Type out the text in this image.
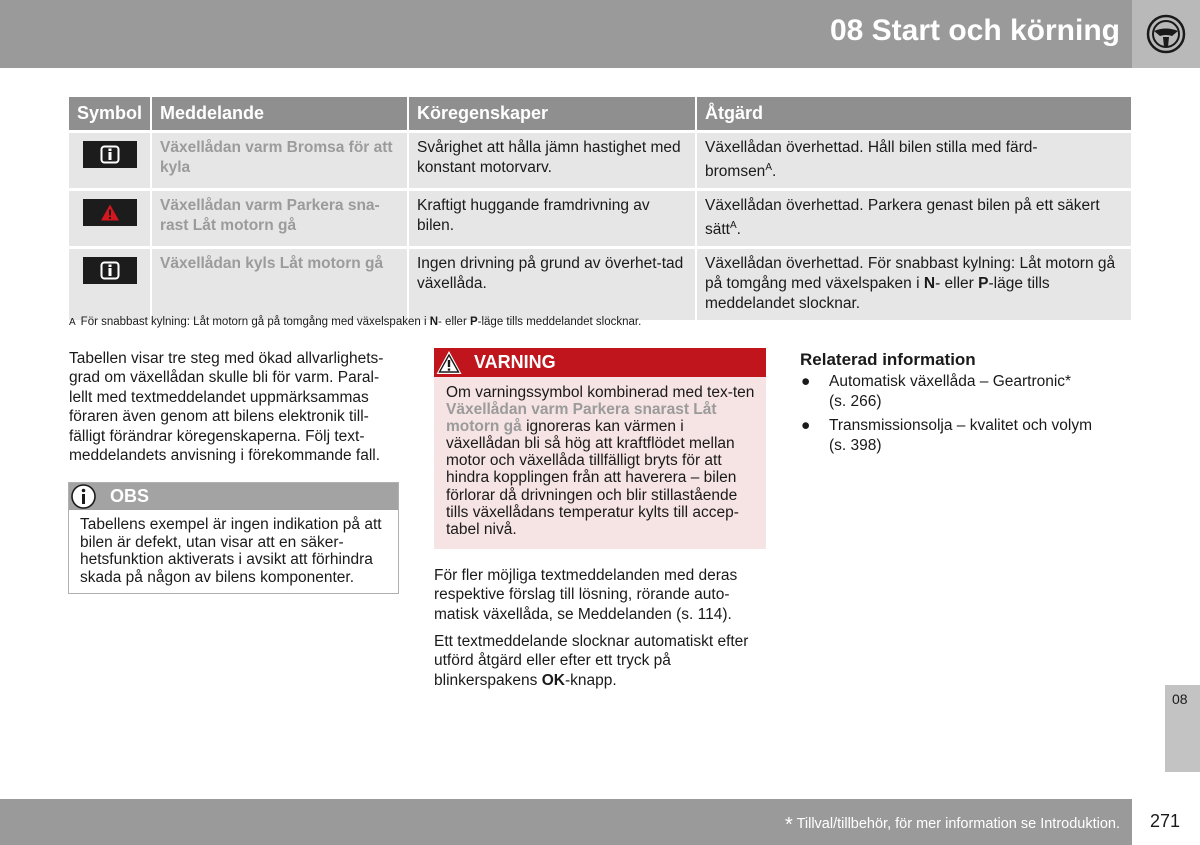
08 Start och körning
Symbol	Meddelande	Köregenskaper	Åtgärd

	Växellådan varm Bromsa för att kyla	Svårighet att hålla jämn hastighet med konstant motorvarv.	Växellådan överhettad. Håll bilen stilla med färd-
bromsen$^A$.

	Växellådan varm Parkera sna-rast Låt motorn gå	Kraftigt huggande framdrivning av bilen.	Växellådan överhettad. Parkera genast bilen på ett säkert sätt$^A$.

	Växellådan kyls Låt motorn gå	Ingen drivning på grund av överhet-tad växellåda.	Växellådan överhettad. För snabbast kylning: Låt motorn gå på tomgång med växelspaken i N- eller P-läge tills meddelandet slocknar.
A För snabbast kylning: Låt motorn gå på tomgång med växelspaken i N- eller P-läge tills meddelandet slocknar.
Tabellen visar tre steg med ökad allvarlighets-grad om växellådan skulle bli för varm. Paral-lellt med textmeddelandet uppmärksammas föraren även genom att bilens elektronik till-fälligt förändrar köregenskaperna. Följ text-meddelandets anvisning i förekommande fall.
OBS
Tabellens exempel är ingen indikation på att bilen är defekt, utan visar att en säker-hetsfunktion aktiverats i avsikt att förhindra skada på någon av bilens komponenter.
VARNING
Om varningssymbol kombinerad med tex-ten Växellådan varm Parkera snarast Låt motorn gå ignoreras kan värmen i växellådan bli så hög att kraftflödet mellan motor och växellåda tillfälligt bryts för att hindra kopplingen från att haverera – bilen förlorar då drivningen och blir stillastående tills växellådans temperatur kylts till accep-tabel nivå.
För fler möjliga textmeddelanden med deras respektive förslag till lösning, rörande auto-matisk växellåda, se Meddelanden (s. 114).
Ett textmeddelande slocknar automatiskt efter utförd åtgärd eller efter ett tryck på blinkerspakens OK-knapp.
Relaterad information
● Automatisk växellåda – Geartronic*
(s. 266)
● Transmissionsolja – kvalitet och volym
(s. 398)
08
* Tillval/tillbehör, för mer information se Introduktion. 271
